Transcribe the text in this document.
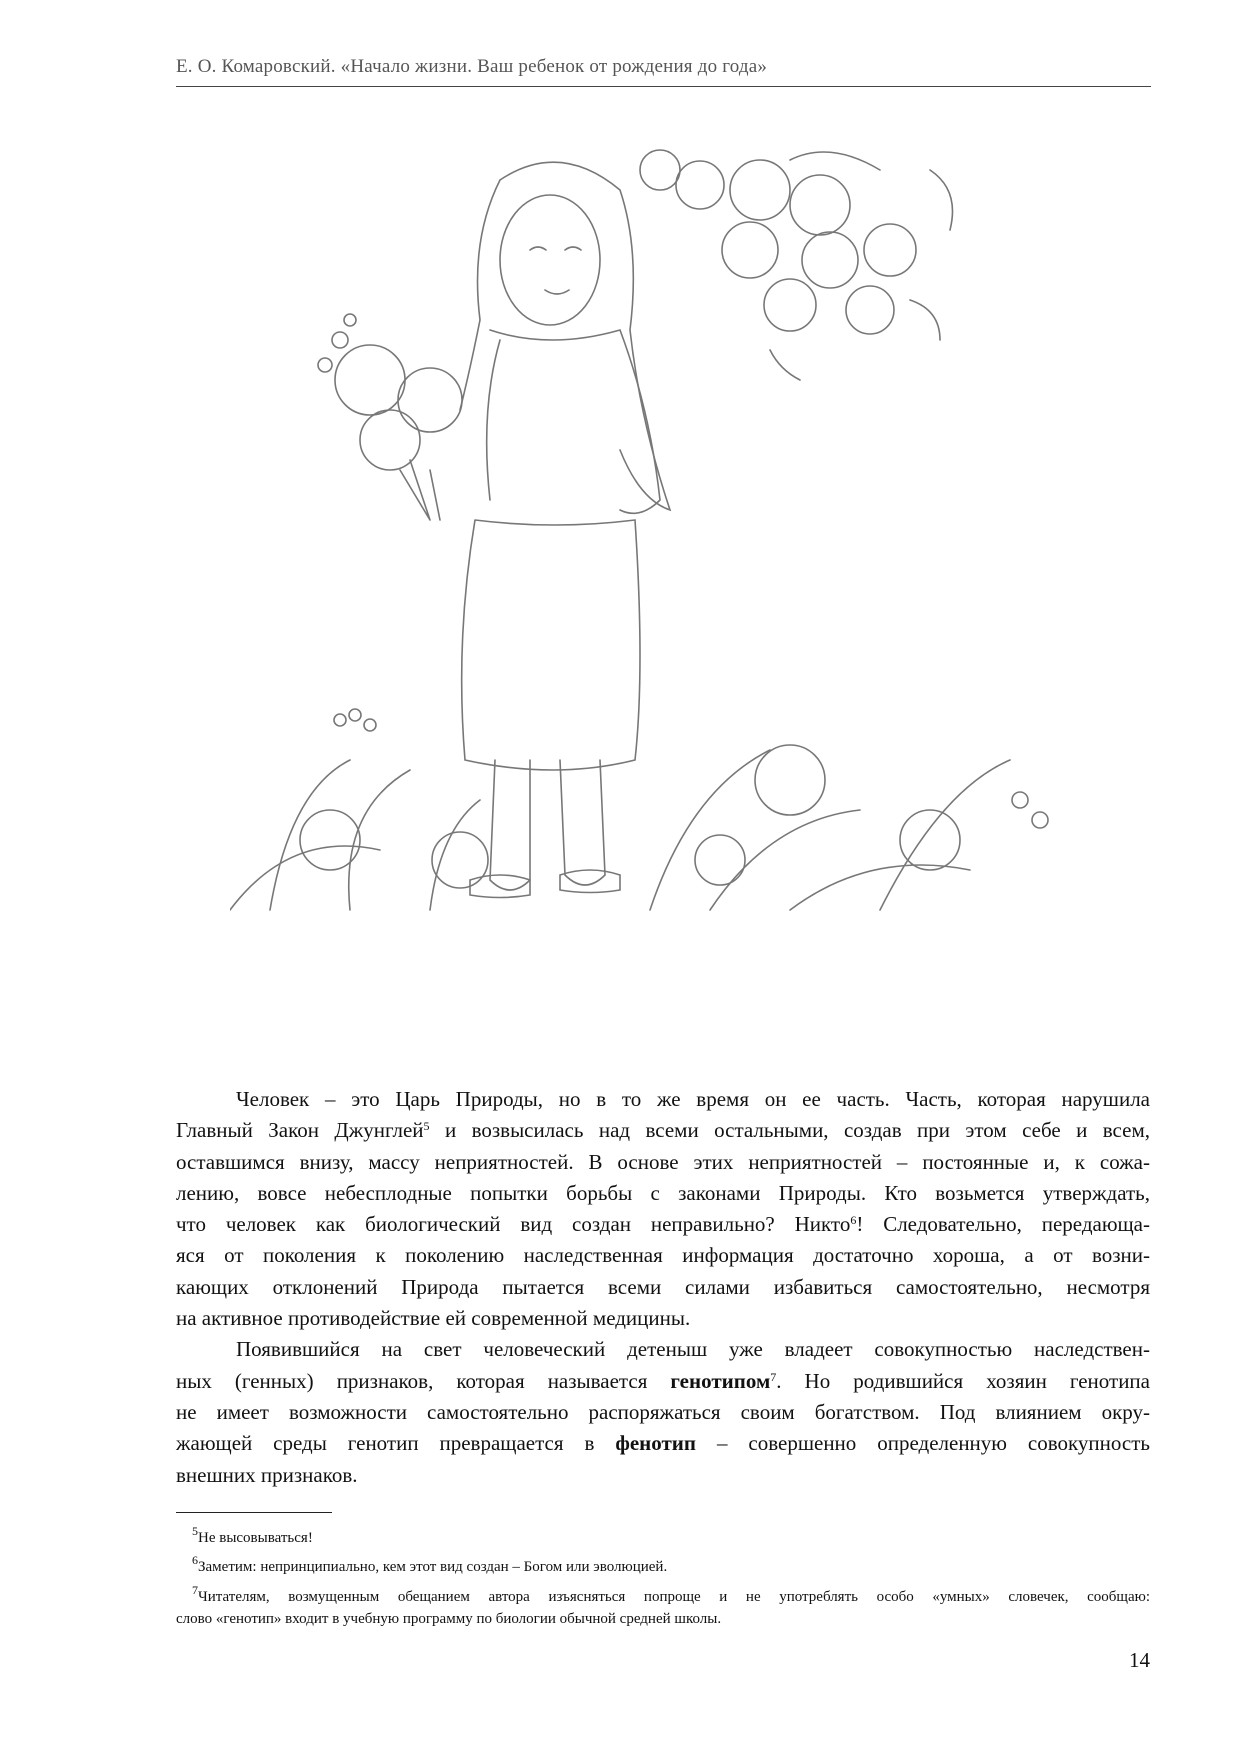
Е. О. Комаровский. «Начало жизни. Ваш ребенок от рождения до года»
Человек – это Царь Природы, но в то же время он ее часть. Часть, которая нарушила
Главный Закон Джунглей$^5$ и возвысилась над всеми остальными, создав при этом себе и всем,
оставшимся внизу, массу неприятностей. В основе этих неприятностей – постоянные и, к сожа-
лению, вовсе небесплодные попытки борьбы с законами Природы. Кто возьмется утверждать,
что человек как биологический вид создан неправильно? Никто$^6$! Следовательно, передающа-
яся от поколения к поколению наследственная информация достаточно хороша, а от возни-
кающих отклонений Природа пытается всеми силами избавиться самостоятельно, несмотря
на активное противодействие ей современной медицины.
Появившийся на свет человеческий детеныш уже владеет совокупностью наследствен-
ных (генных) признаков, которая называется генотипом$^7$. Но родившийся хозяин генотипа
не имеет возможности самостоятельно распоряжаться своим богатством. Под влиянием окру-
жающей среды генотип превращается в фенотип – совершенно определенную совокупность
внешних признаков.
$^5$Не высовываться!
$^6$Заметим: непринципиально, кем этот вид создан – Богом или эволюцией.
$^7$Читателям, возмущенным обещанием автора изъясняться попроще и не употреблять особо «умных» словечек, сообщаю:
слово «генотип» входит в учебную программу по биологии обычной средней школы.
14
